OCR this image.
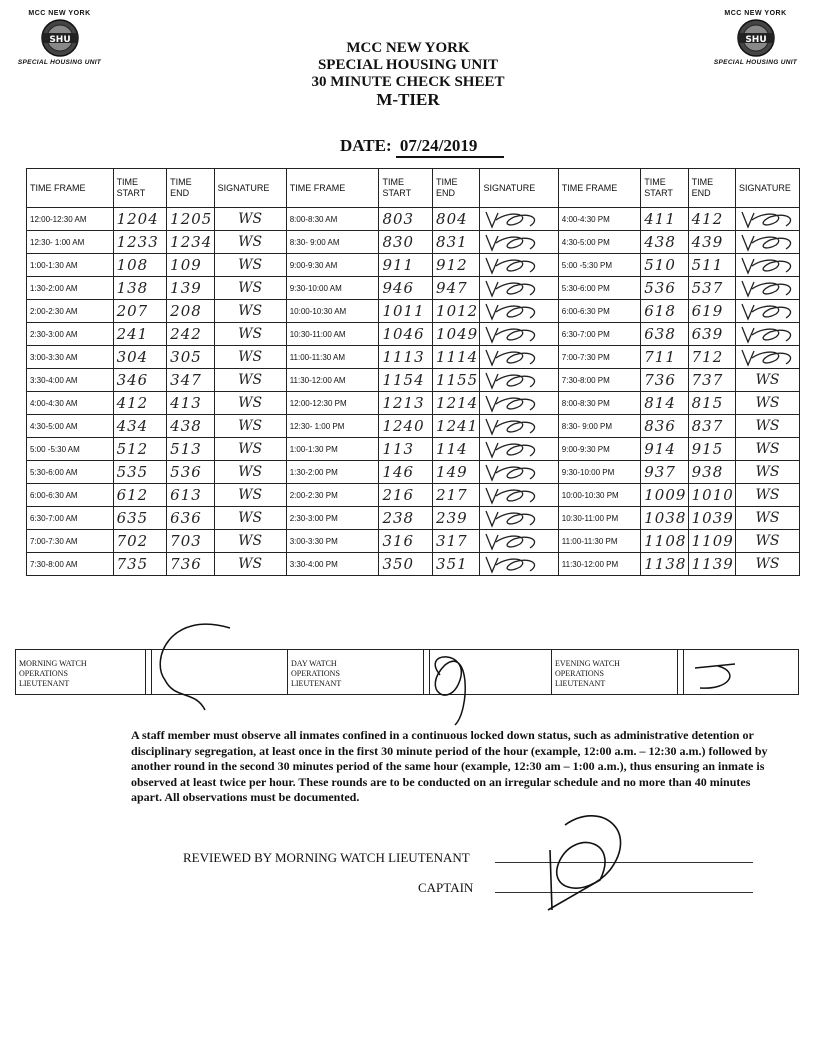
MCC NEW YORK
SHU
SPECIAL HOUSING UNIT
MCC NEW YORK
SHU
SPECIAL HOUSING UNIT
MCC NEW YORK
SPECIAL HOUSING UNIT
30 MINUTE CHECK SHEET
M-TIER
DATE: 07/24/2019
TIME FRAME	TIME START	TIME END	SIGNATURE	TIME FRAME	TIME START	TIME END	SIGNATURE	TIME FRAME	TIME START	TIME END	SIGNATURE
12:00-12:30 AM	1204	1205	WS	8:00-8:30 AM	803	804		4:00-4:30 PM	411	412	

12:30- 1:00 AM	1233	1234	WS	8:30- 9:00 AM	830	831		4:30-5:00 PM	438	439	

1:00-1:30 AM	108	109	WS	9:00-9:30 AM	911	912		5:00 -5:30 PM	510	511	

1:30-2:00 AM	138	139	WS	9:30-10:00 AM	946	947		5:30-6:00 PM	536	537	

2:00-2:30 AM	207	208	WS	10:00-10:30 AM	1011	1012		6:00-6:30 PM	618	619	

2:30-3:00 AM	241	242	WS	10:30-11:00 AM	1046	1049		6:30-7:00 PM	638	639	

3:00-3:30 AM	304	305	WS	11:00-11:30 AM	1113	1114		7:00-7:30 PM	711	712	

3:30-4:00 AM	346	347	WS	11:30-12:00 AM	1154	1155		7:30-8:00 PM	736	737	WS
4:00-4:30 AM	412	413	WS	12:00-12:30 PM	1213	1214		8:00-8:30 PM	814	815	WS
4:30-5:00 AM	434	438	WS	12:30- 1:00 PM	1240	1241		8:30- 9:00 PM	836	837	WS
5:00 -5:30 AM	512	513	WS	1:00-1:30 PM	113	114		9:00-9:30 PM	914	915	WS
5:30-6:00 AM	535	536	WS	1:30-2:00 PM	146	149		9:30-10:00 PM	937	938	WS
6:00-6:30 AM	612	613	WS	2:00-2:30 PM	216	217		10:00-10:30 PM	1009	1010	WS
6:30-7:00 AM	635	636	WS	2:30-3:00 PM	238	239		10:30-11:00 PM	1038	1039	WS
7:00-7:30 AM	702	703	WS	3:00-3:30 PM	316	317		11:00-11:30 PM	1108	1109	WS
7:30-8:00 AM	735	736	WS	3:30-4:00 PM	350	351		11:30-12:00 PM	1138	1139	WS
MORNING WATCH
OPERATIONS
LIEUTENANT
DAY WATCH
OPERATIONS
LIEUTENANT
EVENING WATCH
OPERATIONS
LIEUTENANT
A staff member must observe all inmates confined in a continuous locked down status, such as administrative detention or disciplinary segregation, at least once in the first 30 minute period of the hour (example, 12:00 a.m. – 12:30 a.m.) followed by another round in the second 30 minutes period of the same hour (example, 12:30 am – 1:00 a.m.), thus ensuring an inmate is observed at least twice per hour. These rounds are to be conducted on an irregular schedule and no more than 40 minutes apart. All observations must be documented.
REVIEWED BY MORNING WATCH LIEUTENANT
CAPTAIN
